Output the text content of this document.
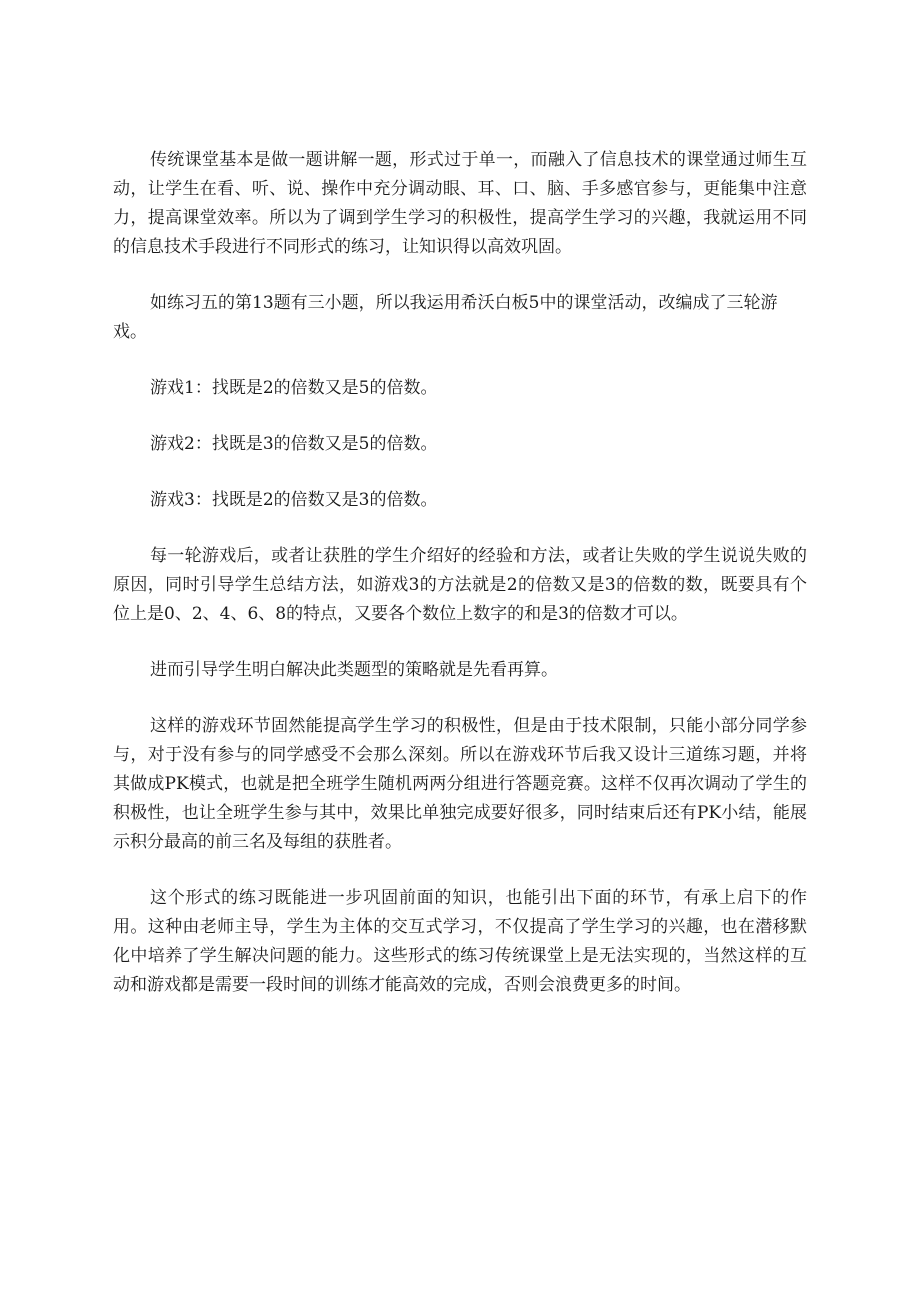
传统课堂基本是做一题讲解一题，形式过于单一，而融入了信息技术的课堂通过师生互动，让学生在看、听、说、操作中充分调动眼、耳、口、脑、手多感官参与，更能集中注意力，提高课堂效率。所以为了调到学生学习的积极性，提高学生学习的兴趣，我就运用不同的信息技术手段进行不同形式的练习，让知识得以高效巩固。

如练习五的第13题有三小题，所以我运用希沃白板5中的课堂活动，改编成了三轮游戏。

游戏1：找既是2的倍数又是5的倍数。

游戏2：找既是3的倍数又是5的倍数。

游戏3：找既是2的倍数又是3的倍数。

每一轮游戏后，或者让获胜的学生介绍好的经验和方法，或者让失败的学生说说失败的原因，同时引导学生总结方法，如游戏3的方法就是2的倍数又是3的倍数的数，既要具有个位上是0、2、4、6、8的特点，又要各个数位上数字的和是3的倍数才可以。

进而引导学生明白解决此类题型的策略就是先看再算。

这样的游戏环节固然能提高学生学习的积极性，但是由于技术限制，只能小部分同学参与，对于没有参与的同学感受不会那么深刻。所以在游戏环节后我又设计三道练习题，并将其做成PK模式，也就是把全班学生随机两两分组进行答题竞赛。这样不仅再次调动了学生的积极性，也让全班学生参与其中，效果比单独完成要好很多，同时结束后还有PK小结，能展示积分最高的前三名及每组的获胜者。

这个形式的练习既能进一步巩固前面的知识，也能引出下面的环节，有承上启下的作用。这种由老师主导，学生为主体的交互式学习，不仅提高了学生学习的兴趣，也在潜移默化中培养了学生解决问题的能力。这些形式的练习传统课堂上是无法实现的，当然这样的互动和游戏都是需要一段时间的训练才能高效的完成，否则会浪费更多的时间。
